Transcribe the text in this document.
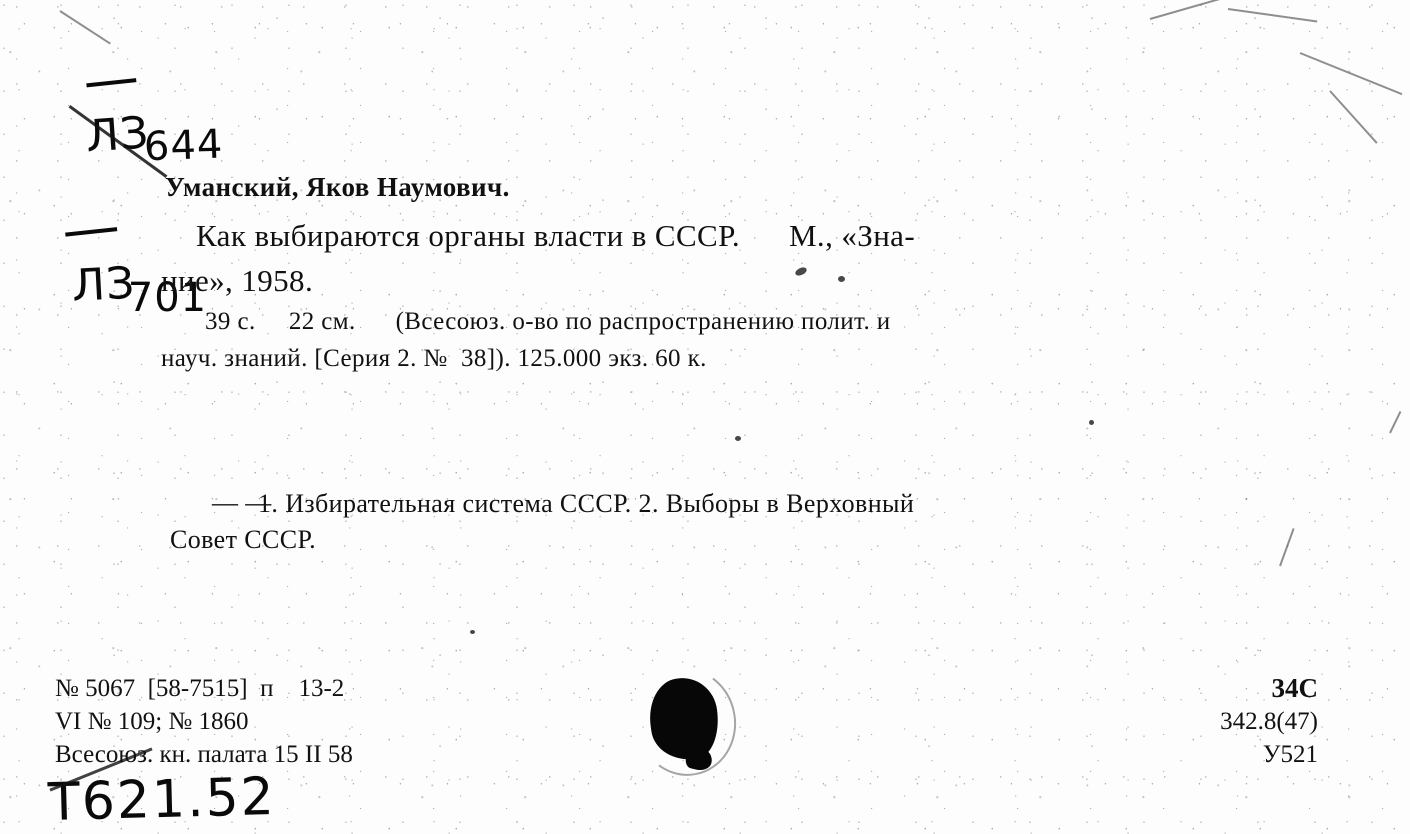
ЛЗ
644

ЛЗ
701

Уманский, Яков Наумович.
Как выбираются органы власти в СССР.      М., «Зна-
ние», 1958.
39 с.     22 см.      (Всесоюз. о-во по распространению полит. и
науч. знаний. [Серия 2. №  38]). 125.000 экз. 60 к.
— —
1. Избирательная система СССР. 2. Выборы в Верховный
Совет СССР.
№ 5067  [58-7515]  п    13-2
VI № 109; № 1860
Всесоюз. кн. палата 15 II 58
34С
342.8(47)
У521
Т621.52
